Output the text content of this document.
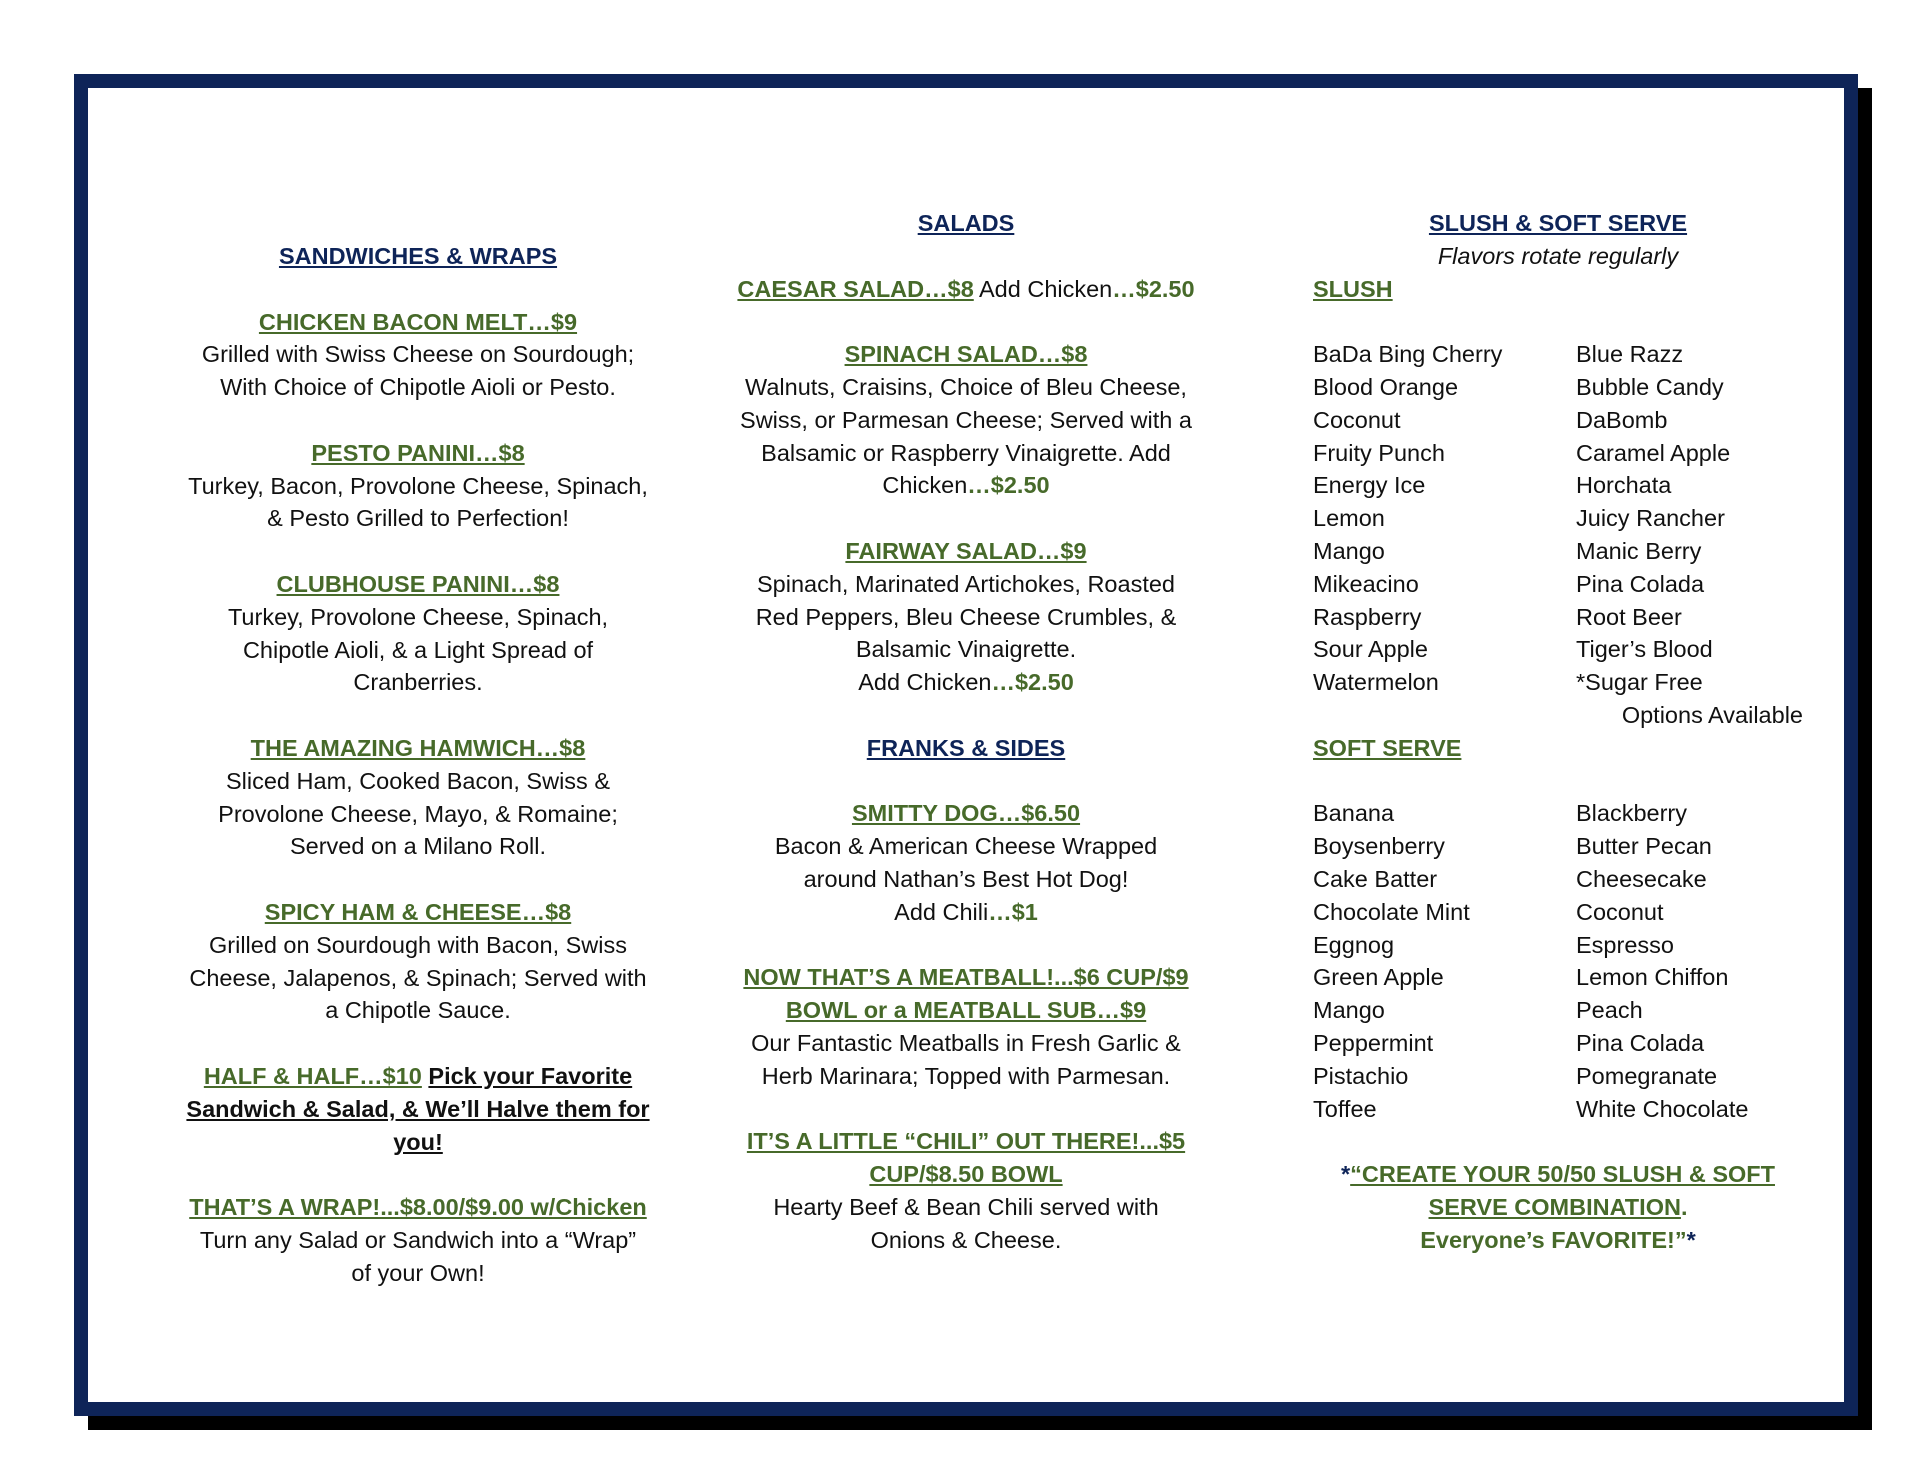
SANDWICHES & WRAPS
CHICKEN BACON MELT…$9
Grilled with Swiss Cheese on Sourdough;
With Choice of Chipotle Aioli or Pesto.
PESTO PANINI…$8
Turkey, Bacon, Provolone Cheese, Spinach,
& Pesto Grilled to Perfection!
CLUBHOUSE PANINI…$8
Turkey, Provolone Cheese, Spinach,
Chipotle Aioli, & a Light Spread of
Cranberries.
THE AMAZING HAMWICH…$8
Sliced Ham, Cooked Bacon, Swiss &
Provolone Cheese, Mayo, & Romaine;
Served on a Milano Roll.
SPICY HAM & CHEESE…$8
Grilled on Sourdough with Bacon, Swiss
Cheese, Jalapenos, & Spinach; Served with
a Chipotle Sauce.
HALF & HALF…$10 Pick your Favorite
Sandwich & Salad, & We’ll Halve them for
you!
THAT’S A WRAP!...$8.00/$9.00 w/Chicken
Turn any Salad or Sandwich into a “Wrap”
of your Own!
SALADS
CAESAR SALAD…$8 Add Chicken…$2.50
SPINACH SALAD…$8
Walnuts, Craisins, Choice of Bleu Cheese,
Swiss, or Parmesan Cheese; Served with a
Balsamic or Raspberry Vinaigrette. Add
Chicken…$2.50
FAIRWAY SALAD…$9
Spinach, Marinated Artichokes, Roasted
Red Peppers, Bleu Cheese Crumbles, &
Balsamic Vinaigrette.
Add Chicken…$2.50
FRANKS & SIDES
SMITTY DOG…$6.50
Bacon & American Cheese Wrapped
around Nathan’s Best Hot Dog!
Add Chili…$1
NOW THAT’S A MEATBALL!...$6 CUP/$9
BOWL or a MEATBALL SUB…$9
Our Fantastic Meatballs in Fresh Garlic &
Herb Marinara; Topped with Parmesan.
IT’S A LITTLE “CHILI” OUT THERE!...$5
CUP/$8.50 BOWL
Hearty Beef & Bean Chili served with
Onions & Cheese.
SLUSH & SOFT SERVE
Flavors rotate regularly
SLUSH
BaDa Bing Cherry
Blood Orange
Coconut
Fruity Punch
Energy Ice
Lemon
Mango
Mikeacino
Raspberry
Sour Apple
Watermelon
Blue Razz
Bubble Candy
DaBomb
Caramel Apple
Horchata
Juicy Rancher
Manic Berry
Pina Colada
Root Beer
Tiger’s Blood
*Sugar Free
Options Available
SOFT SERVE
Banana
Boysenberry
Cake Batter
Chocolate Mint
Eggnog
Green Apple
Mango
Peppermint
Pistachio
Toffee
Blackberry
Butter Pecan
Cheesecake
Coconut
Espresso
Lemon Chiffon
Peach
Pina Colada
Pomegranate
White Chocolate
*“CREATE YOUR 50/50 SLUSH & SOFT
SERVE COMBINATION.
Everyone’s FAVORITE!”*
